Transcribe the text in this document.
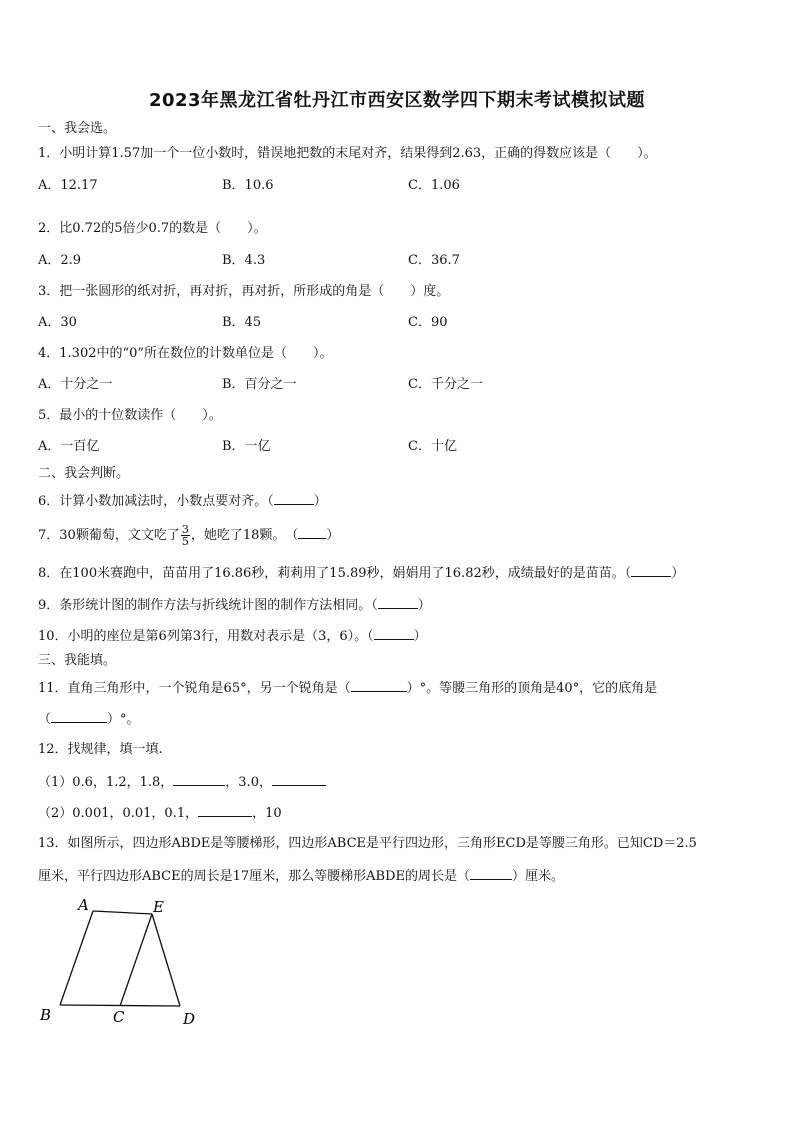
2023年黑龙江省牡丹江市西安区数学四下期末考试模拟试题
一、我会选。
1．小明计算1.57加一个一位小数时，错误地把数的末尾对齐，结果得到2.63，正确的得数应该是（　　）。
A．12.17	B．10.6	C．1.06
2．比0.72的5倍少0.7的数是（　　）。
A．2.9	B．4.3	C．36.7
3．把一张圆形的纸对折，再对折，再对折，所形成的角是（　　）度。
A．30	B．45	C．90
4．1.302中的“0”所在数位的计数单位是（　　）。
A．十分之一	B．百分之一	C．千分之一
5．最小的十位数读作（　　）。
A．一百亿	B．一亿	C．十亿
二、我会判断。
6．计算小数加减法时，小数点要对齐。（	）
7．30颗葡萄，文文吃了 $\frac{3}{5}$ ，她吃了18颗。　（ ）
8．在100米赛跑中，苗苗用了16.86秒，莉莉用了15.89秒，娟娟用了16.82秒，成绩最好的是苗苗。（	）
9．条形统计图的制作方法与折线统计图的制作方法相同。（	）
10．小明的座位是第6列第3行，用数对表示是（3，6）。（	）
三、我能填。
11．直角三角形中，一个锐角是65°，另一个锐角是（	）°。等腰三角形的顶角是40°，它的底角是
（	）°。
12．找规律，填一填.
（1）0.6，1.2，1.8，	，3.0，
（2）0.001，0.01，0.1，	，10
13．如图所示，四边形ABDE是等腰梯形，四边形ABCE是平行四边形，三角形ECD是等腰三角形。已知CD＝2.5
厘米，平行四边形ABCE的周长是17厘米，那么等腰梯形ABDE的周长是（	）厘米。
A	E
B	C	D
